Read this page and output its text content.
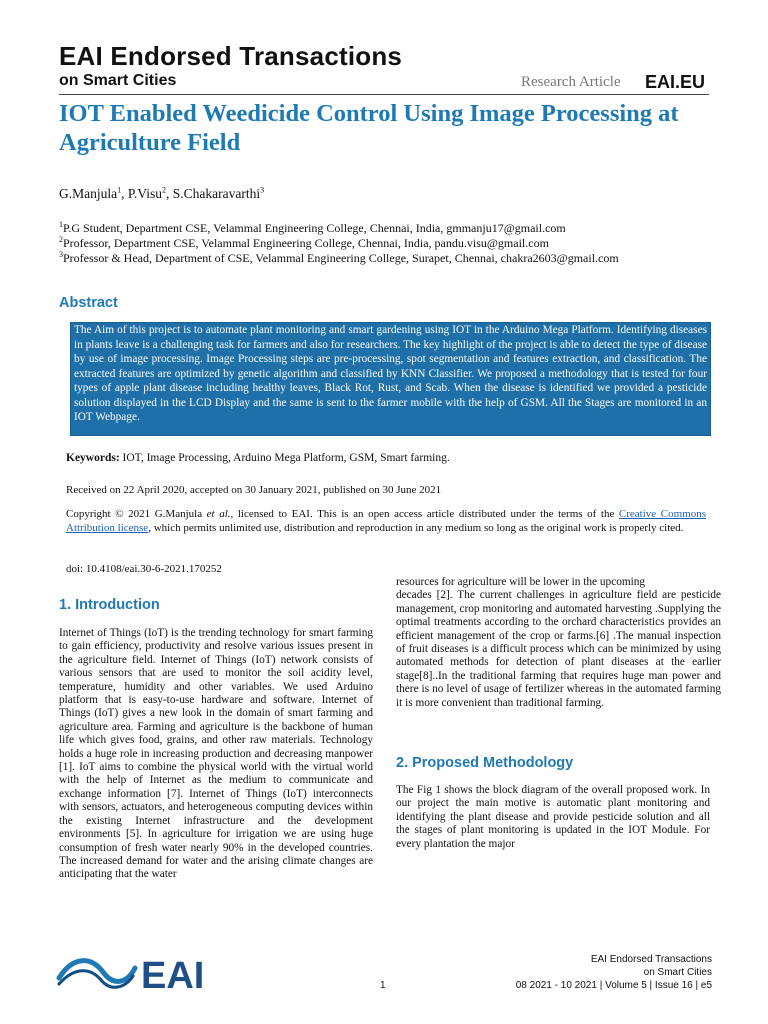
EAI Endorsed Transactions
on Smart Cities	Research Article EAI.EU
IOT Enabled Weedicide Control Using Image Processing at Agriculture Field
G.Manjula$^1$, P.Visu$^2$, S.Chakaravarthi$^3$
$^1$P.G Student, Department CSE, Velammal Engineering College, Chennai, India, gmmanju17@gmail.com
$^2$Professor, Department CSE, Velammal Engineering College, Chennai, India, pandu.visu@gmail.com
$^3$Professor & Head, Department of CSE, Velammal Engineering College, Surapet, Chennai, chakra2603@gmail.com
Abstract
The Aim of this project is to automate plant monitoring and smart gardening using IOT in the Arduino Mega Platform. Identifying diseases in plants leave is a challenging task for farmers and also for researchers. The key highlight of the project is able to detect the type of disease by use of image processing. Image Processing steps are pre-processing, spot segmentation and features extraction, and classification. The extracted features are optimized by genetic algorithm and classified by KNN Classifier. We proposed a methodology that is tested for four types of apple plant disease including healthy leaves, Black Rot, Rust, and Scab. When the disease is identified we provided a pesticide solution displayed in the LCD Display and the same is sent to the farmer mobile with the help of GSM. All the Stages are monitored in an IOT Webpage.
Keywords: IOT, Image Processing, Arduino Mega Platform, GSM, Smart farming.
Received on 22 April 2020, accepted on 30 January 2021, published on 30 June 2021
Copyright © 2021 G.Manjula et al., licensed to EAI. This is an open access article distributed under the terms of the Creative Commons Attribution license, which permits unlimited use, distribution and reproduction in any medium so long as the original work is properly cited.
doi: 10.4108/eai.30-6-2021.170252
1. Introduction
Internet of Things (IoT) is the trending technology for smart farming to gain efficiency, productivity and resolve various issues present in the agriculture field. Internet of Things (IoT) network consists of various sensors that are used to monitor the soil acidity level, temperature, humidity and other variables. We used Arduino platform that is easy-to-use hardware and software. Internet of Things (IoT) gives a new look in the domain of smart farming and agriculture area. Farming and agriculture is the backbone of human life which gives food, grains, and other raw materials. Technology holds a huge role in increasing production and decreasing manpower [1]. IoT aims to combine the physical world with the virtual world with the help of Internet as the medium to communicate and exchange information [7]. Internet of Things (IoT) interconnects with sensors, actuators, and heterogeneous computing devices within the existing Internet infrastructure and the development environments [5]. In agriculture for irrigation we are using huge consumption of fresh water nearly 90% in the developed countries. The increased demand for water and the arising climate changes are anticipating that the water
resources for agriculture will be lower in the upcoming
decades [2]. The current challenges in agriculture field are pesticide management, crop monitoring and automated harvesting .Supplying the optimal treatments according to the orchard characteristics provides an efficient management of the crop or farms.[6] .The manual inspection of fruit diseases is a difficult process which can be minimized by using automated methods for detection of plant diseases at the earlier stage[8]..In the traditional farming that requires huge man power and there is no level of usage of fertilizer whereas in the automated farming it is more convenient than traditional farming.
2. Proposed Methodology
The Fig 1 shows the block diagram of the overall proposed work. In our project the main motive is automatic plant monitoring and identifying the plant disease and provide pesticide solution and all the stages of plant monitoring is updated in the IOT Module. For every plantation the major
EAI	1
EAI Endorsed Transactions
on Smart Cities
08 2021 - 10 2021 | Volume 5 | Issue 16 | e5
